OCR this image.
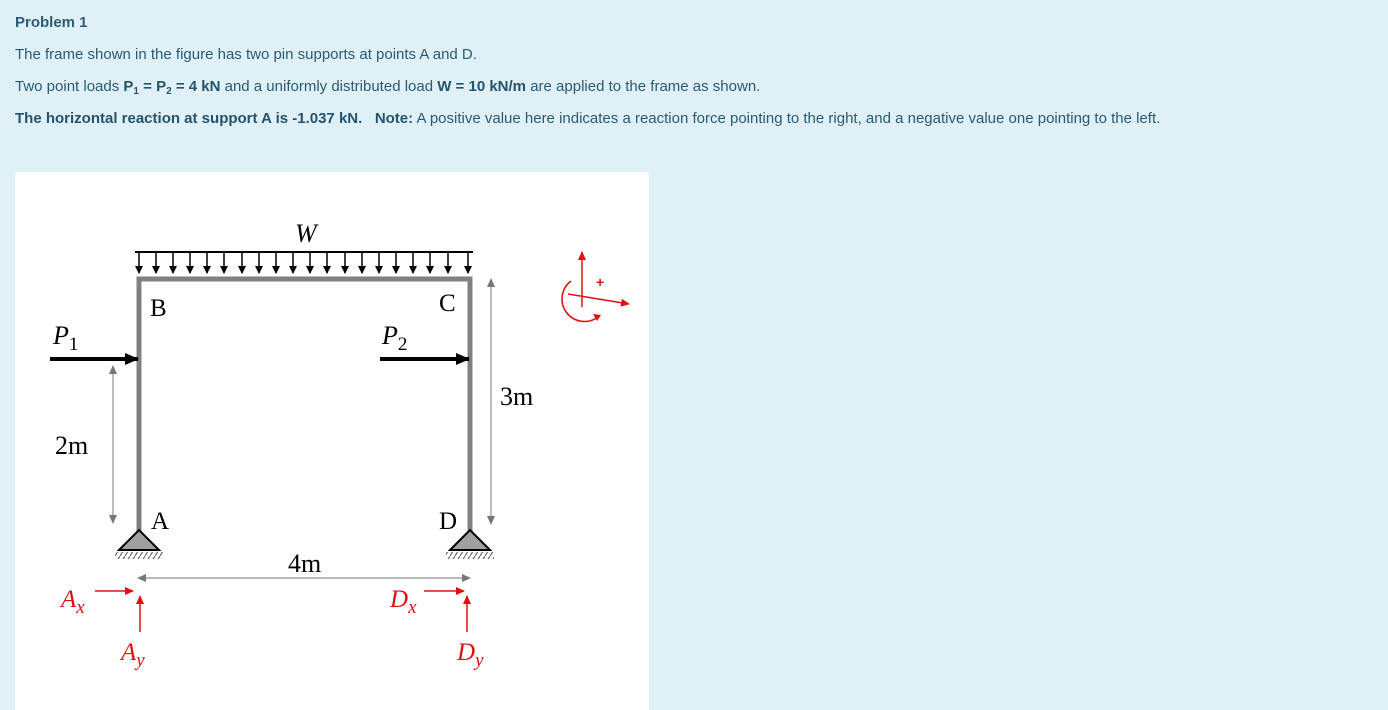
Problem 1
The frame shown in the figure has two pin supports at points A and D.
Two point loads $P_1 = P_2 = 4$ kN and a uniformly distributed load W = 10 kN/m are applied to the frame as shown.
The horizontal reaction at support A is -1.037 kN. Note: A positive value here indicates a reaction force pointing to the right, and a negative value one pointing to the left.
W
B	C
A	D
$P_1$	$P_2$
3m
2m
4m
$A_x$
$A_y$
$D_x$
$D_y$
+
